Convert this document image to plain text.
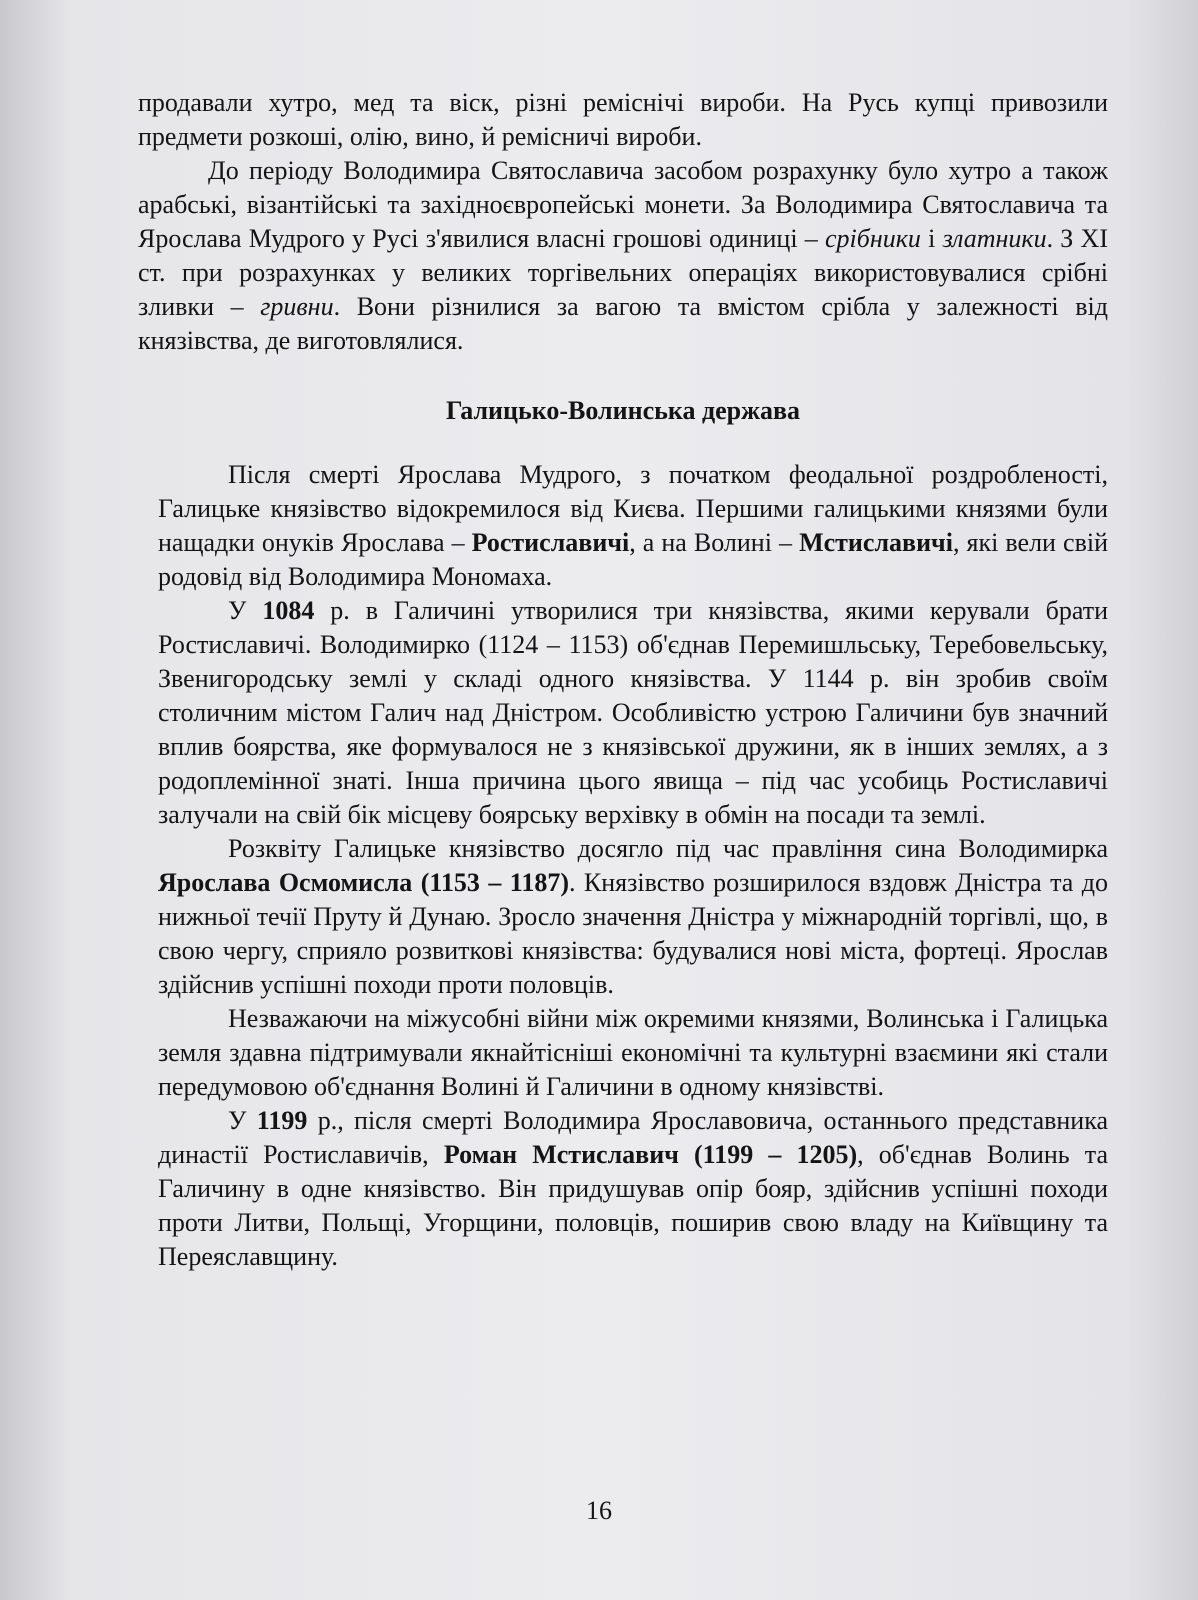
продавали хутро, мед та віск, різні реміснічі вироби. На Русь купці привозили предмети розкоші, олію, вино, й ремісничі вироби.

До періоду Володимира Святославича засобом розрахунку було хутро а також арабські, візантійські та західноєвропейські монети. За Володимира Святославича та Ярослава Мудрого у Русі з'явилися власні грошові одиниці – срібники і златники. З XI ст. при розрахунках у великих торгівельних операціях використовувалися срібні зливки – гривни. Вони різнилися за вагою та вмістом срібла у залежності від князівства, де виготовлялися.

Галицько-Волинська держава

Після смерті Ярослава Мудрого, з початком феодальної роздробленості, Галицьке князівство відокремилося від Києва. Першими галицькими князями були нащадки онуків Ярослава – Ростиславичі, а на Волині – Мстиславичі, які вели свій родовід від Володимира Мономаха.

У 1084 р. в Галичині утворилися три князівства, якими керували брати Ростиславичі. Володимирко (1124 – 1153) об'єднав Перемишльську, Теребовельську, Звенигородську землі у складі одного князівства. У 1144 р. він зробив своїм столичним містом Галич над Дністром. Особливістю устрою Галичини був значний вплив боярства, яке формувалося не з князівської дружини, як в інших землях, а з родоплемінної знаті. Інша причина цього явища – під час усобиць Ростиславичі залучали на свій бік місцеву боярську верхівку в обмін на посади та землі.

Розквіту Галицьке князівство досягло під час правління сина Володимирка Ярослава Осмомисла (1153 – 1187). Князівство розширилося вздовж Дністра та до нижньої течії Пруту й Дунаю. Зросло значення Дністра у міжнародній торгівлі, що, в свою чергу, сприяло розвиткові князівства: будувалися нові міста, фортеці. Ярослав здійснив успішні походи проти половців.

Незважаючи на міжусобні війни між окремими князями, Волинська і Галицька земля здавна підтримували якнайтісніші економічні та культурні взаємини які стали передумовою об'єднання Волині й Галичини в одному князівстві.

У 1199 р., після смерті Володимира Ярославовича, останнього представника династії Ростиславичів, Роман Мстиславич (1199 – 1205), об'єднав Волинь та Галичину в одне князівство. Він придушував опір бояр, здійснив успішні походи проти Литви, Польщі, Угорщини, половців, поширив свою владу на Київщину та Переяславщину.

16
